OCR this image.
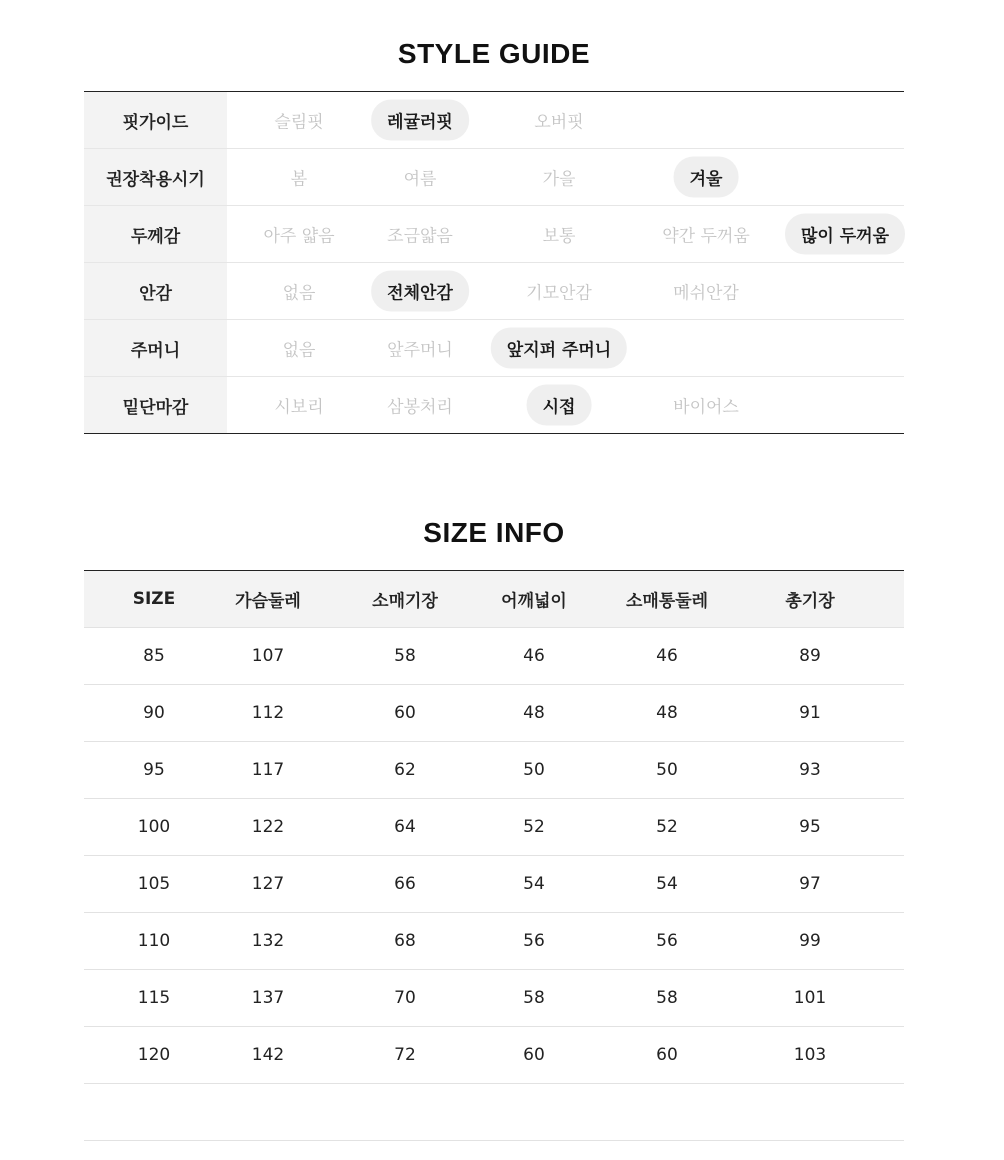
STYLE GUIDE
핏가이드	슬림핏	레귤러핏	오버핏
권장착용시기	봄	여름	가을	겨울
두께감	아주 얇음	조금얇음	보통	약간 두꺼움	많이 두꺼움
안감	없음	전체안감	기모안감	메쉬안감
주머니	없음	앞주머니	앞지퍼 주머니
밑단마감	시보리	삼봉처리	시접	바이어스
SIZE INFO
SIZE	가슴둘레	소매기장	어깨넓이	소매통둘레	총기장
85	107	58	46	46	89
90	112	60	48	48	91
95	117	62	50	50	93
100	122	64	52	52	95
105	127	66	54	54	97
110	132	68	56	56	99
115	137	70	58	58	101
120	142	72	60	60	103
